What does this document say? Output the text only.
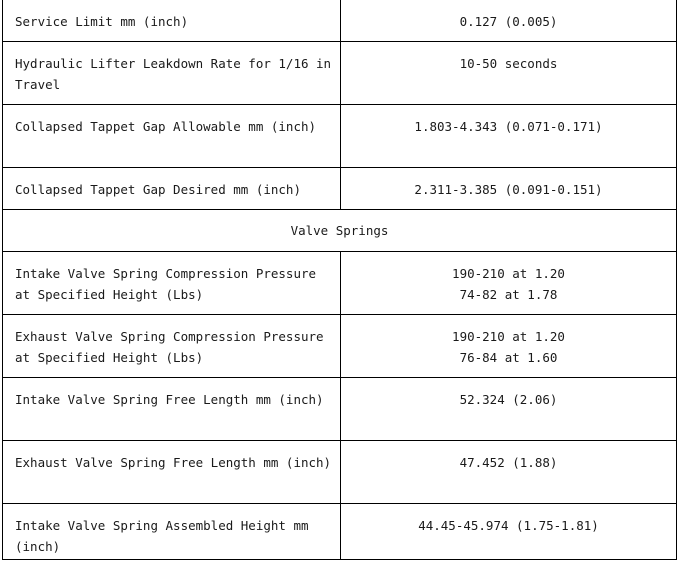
Service Limit mm (inch)	0.127 (0.005)

Hydraulic Lifter Leakdown Rate for 1/16 in Travel	10-50 seconds

Collapsed Tappet Gap Allowable mm (inch)	1.803-4.343 (0.071-0.171)

Collapsed Tappet Gap Desired mm (inch)	2.311-3.385 (0.091-0.151)

Valve Springs	

Intake Valve Spring Compression Pressure at Specified Height (Lbs)	190-210 at 1.20
74-82 at 1.78

Exhaust Valve Spring Compression Pressure at Specified Height (Lbs)	190-210 at 1.20
76-84 at 1.60

Intake Valve Spring Free Length mm (inch)	52.324 (2.06)

Exhaust Valve Spring Free Length mm (inch)	47.452 (1.88)

Intake Valve Spring Assembled Height mm (inch)	44.45-45.974 (1.75-1.81)
